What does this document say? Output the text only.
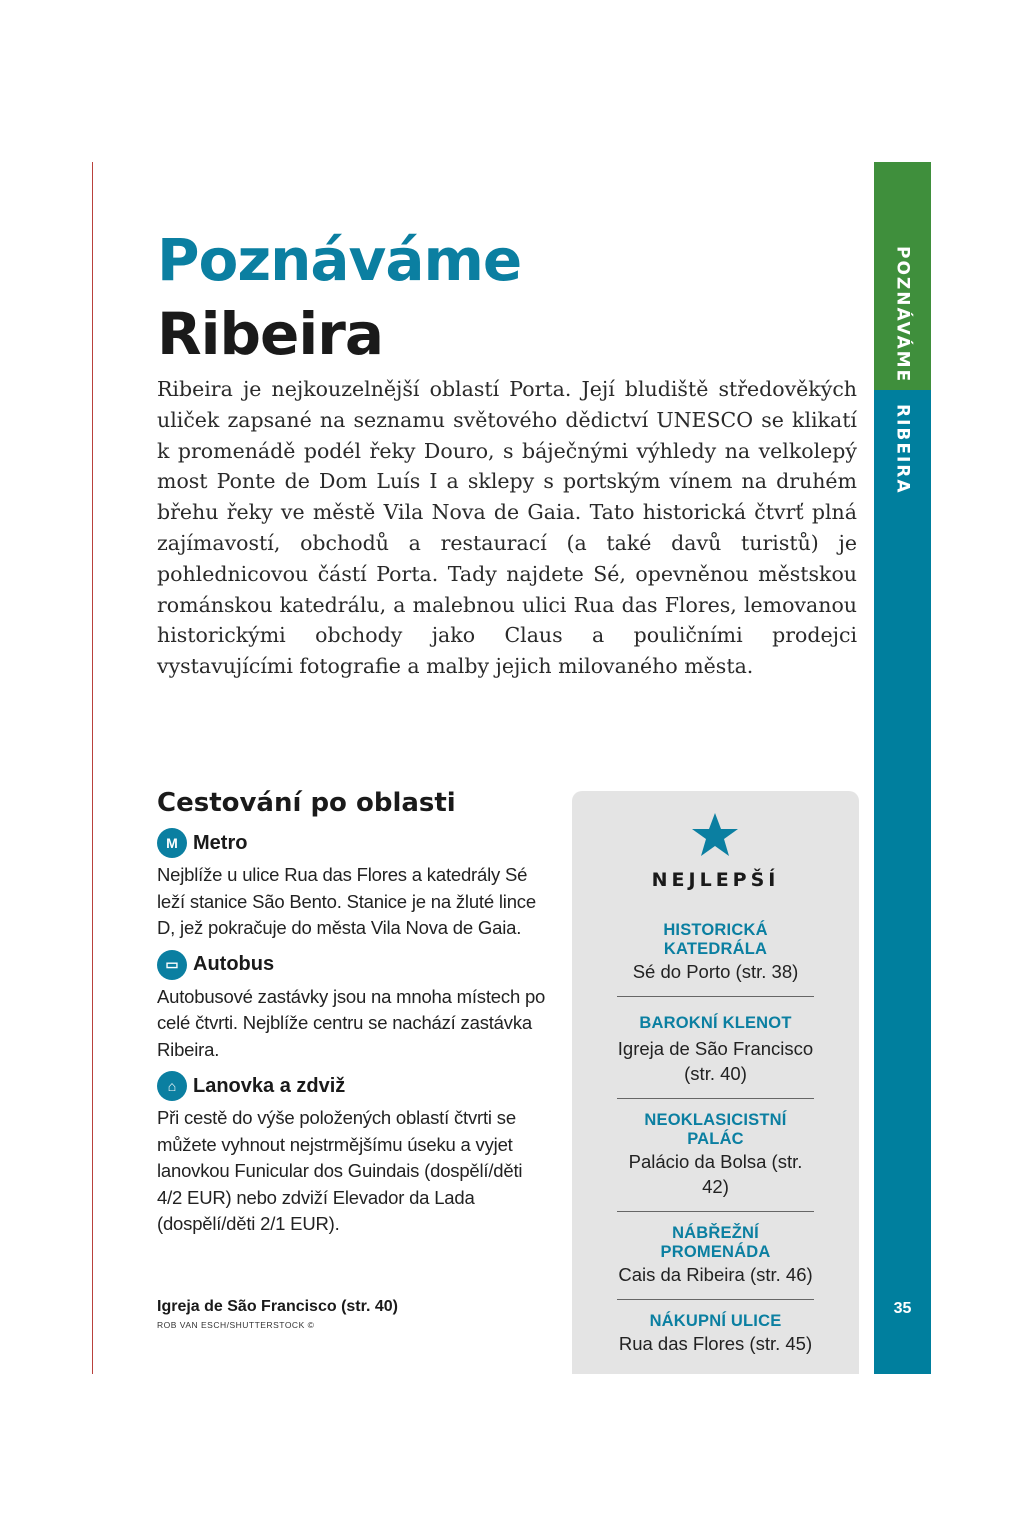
POZNÁVÁME
RIBEIRA
35
Poznáváme
Ribeira

Ribeira je nejkouzelnější oblastí Porta. Její bludiště středověkých uliček zapsané na seznamu světového dědictví UNESCO se klikatí k promenádě podél řeky Douro, s báječnými výhledy na velkolepý most Ponte de Dom Luís I a sklepy s portským vínem na druhém břehu řeky ve městě Vila Nova de Gaia. Tato historická čtvrť plná zajímavostí, obchodů a restaurací (a také davů turistů) je pohlednicovou částí Porta. Tady najdete Sé, opevněnou městskou románskou katedrálu, a malebnou ulici Rua das Flores, lemovanou historickými obchody jako Claus a pouličními prodejci vystavujícími fotografie a malby jejich milovaného města.

Cestování po oblasti
M Metro
Nejblíže u ulice Rua das Flores a katedrály Sé leží stanice São Bento. Stanice je na žluté lince D, jež pokračuje do města Vila Nova de Gaia.
▭ Autobus
Autobusové zastávky jsou na mnoha místech po celé čtvrti. Nejblíže centru se nachází zastávka Ribeira.
⌂ Lanovka a zdviž
Při cestě do výše položených oblastí čtvrti se můžete vyhnout nejstrmějšímu úseku a vyjet lanovkou Funicular dos Guindais (dospělí/děti 4/2 EUR) nebo zdviží Elevador da Lada (dospělí/děti 2/1 EUR).
Igreja de São Francisco (str. 40)
ROB VAN ESCH/SHUTTERSTOCK ©
NEJLEPŠÍ
HISTORICKÁ KATEDRÁLA
Sé do Porto (str. 38)
BAROKNÍ KLENOT Igreja de São Francisco (str. 40)
NEOKLASICISTNÍ PALÁC
Palácio da Bolsa (str. 42)
NÁBŘEŽNÍ PROMENÁDA
Cais da Ribeira (str. 46)
NÁKUPNÍ ULICE
Rua das Flores (str. 45)
